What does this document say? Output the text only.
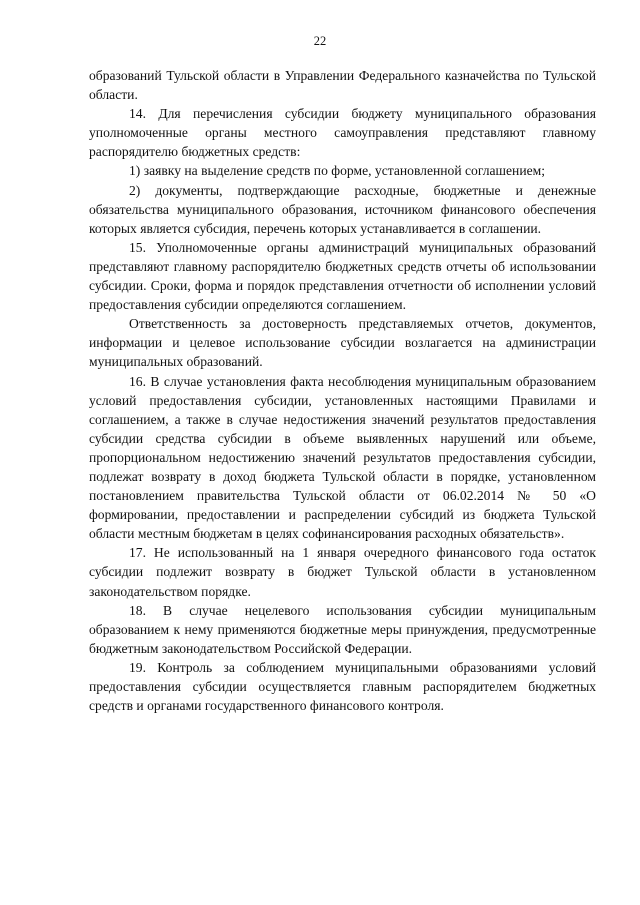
22

образований Тульской области в Управлении Федерального казначейства по Тульской области.

14. Для перечисления субсидии бюджету муниципального образования уполномоченные органы местного самоуправления представляют главному распорядителю бюджетных средств:

1) заявку на выделение средств по форме, установленной соглашением;

2) документы, подтверждающие расходные, бюджетные и денежные обязательства муниципального образования, источником финансового обеспечения которых является субсидия, перечень которых устанавливается в соглашении.

15. Уполномоченные органы администраций муниципальных образований представляют главному распорядителю бюджетных средств отчеты об использовании субсидии. Сроки, форма и порядок представления отчетности об исполнении условий предоставления субсидии определяются соглашением.

Ответственность за достоверность представляемых отчетов, документов, информации и целевое использование субсидии возлагается на администрации муниципальных образований.

16. В случае установления факта несоблюдения муниципальным образованием условий предоставления субсидии, установленных настоящими Правилами и соглашением, а также в случае недостижения значений результатов предоставления субсидии средства субсидии в объеме выявленных нарушений или объеме, пропорциональном недостижению значений результатов предоставления субсидии, подлежат возврату в доход бюджета Тульской области в порядке, установленном постановлением правительства Тульской области от 06.02.2014 № 50 «О формировании, предоставлении и распределении субсидий из бюджета Тульской области местным бюджетам в целях софинансирования расходных обязательств».

17. Не использованный на 1 января очередного финансового года остаток субсидии подлежит возврату в бюджет Тульской области в установленном законодательством порядке.

18. В случае нецелевого использования субсидии муниципальным образованием к нему применяются бюджетные меры принуждения, предусмотренные бюджетным законодательством Российской Федерации.

19. Контроль за соблюдением муниципальными образованиями условий предоставления субсидии осуществляется главным распорядителем бюджетных средств и органами государственного финансового контроля.
